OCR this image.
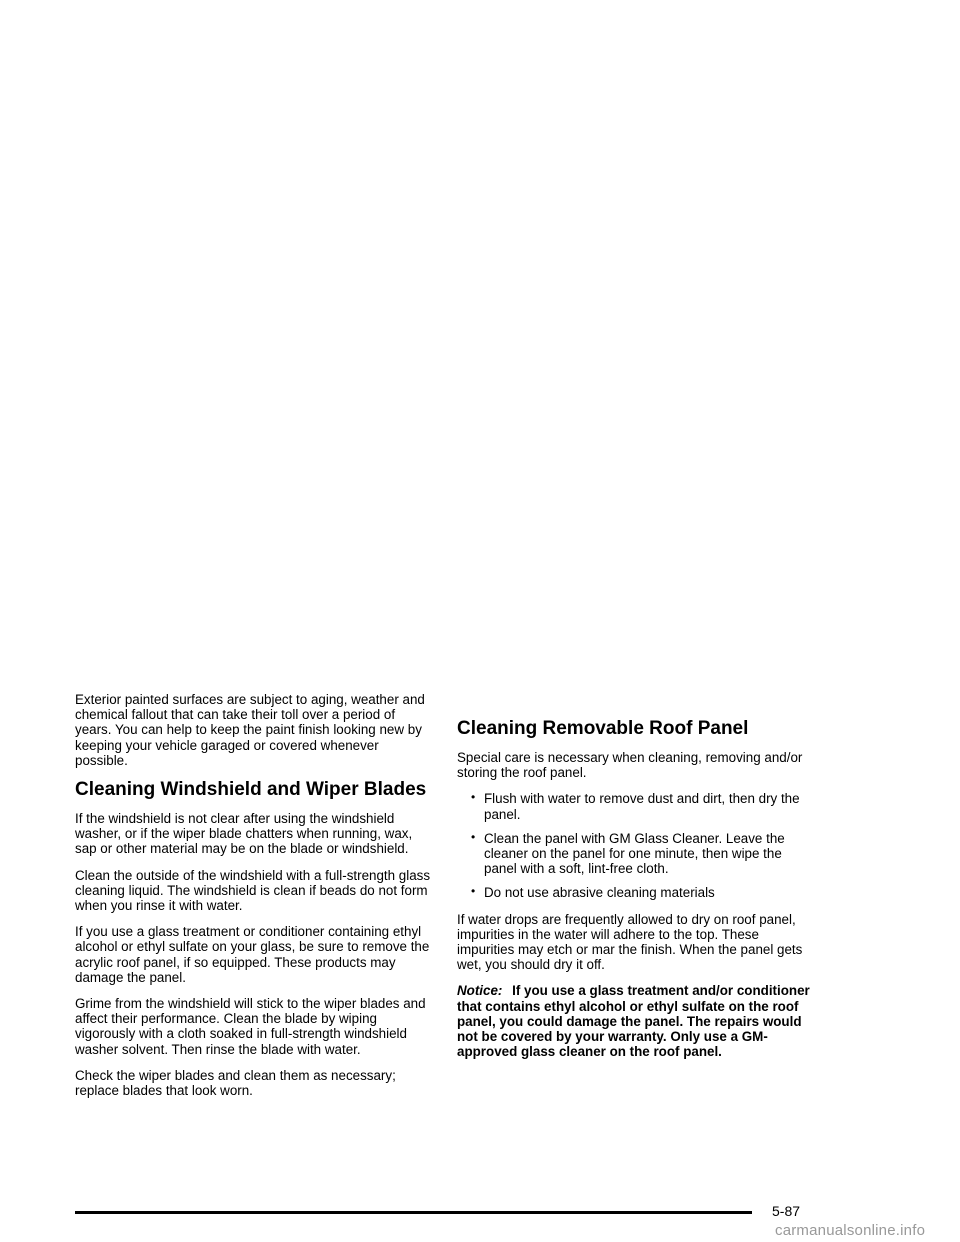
Exterior painted surfaces are subject to aging, weather and chemical fallout that can take their toll over a period of years. You can help to keep the paint finish looking new by keeping your vehicle garaged or covered whenever possible.

Cleaning Windshield and Wiper Blades

If the windshield is not clear after using the windshield washer, or if the wiper blade chatters when running, wax, sap or other material may be on the blade or windshield.

Clean the outside of the windshield with a full-strength glass cleaning liquid. The windshield is clean if beads do not form when you rinse it with water.

If you use a glass treatment or conditioner containing ethyl alcohol or ethyl sulfate on your glass, be sure to remove the acrylic roof panel, if so equipped. These products may damage the panel.

Grime from the windshield will stick to the wiper blades and affect their performance. Clean the blade by wiping vigorously with a cloth soaked in full-strength windshield washer solvent. Then rinse the blade with water.

Check the wiper blades and clean them as necessary; replace blades that look worn.

Cleaning Removable Roof Panel

Special care is necessary when cleaning, removing and/or storing the roof panel.

• Flush with water to remove dust and dirt, then dry the panel.
• Clean the panel with GM Glass Cleaner. Leave the cleaner on the panel for one minute, then wipe the panel with a soft, lint-free cloth.
• Do not use abrasive cleaning materials

If water drops are frequently allowed to dry on roof panel, impurities in the water will adhere to the top. These impurities may etch or mar the finish. When the panel gets wet, you should dry it off.

Notice: If you use a glass treatment and/or conditioner that contains ethyl alcohol or ethyl sulfate on the roof panel, you could damage the panel. The repairs would not be covered by your warranty. Only use a GM-approved glass cleaner on the roof panel.

5-87
carmanualsonline.info
